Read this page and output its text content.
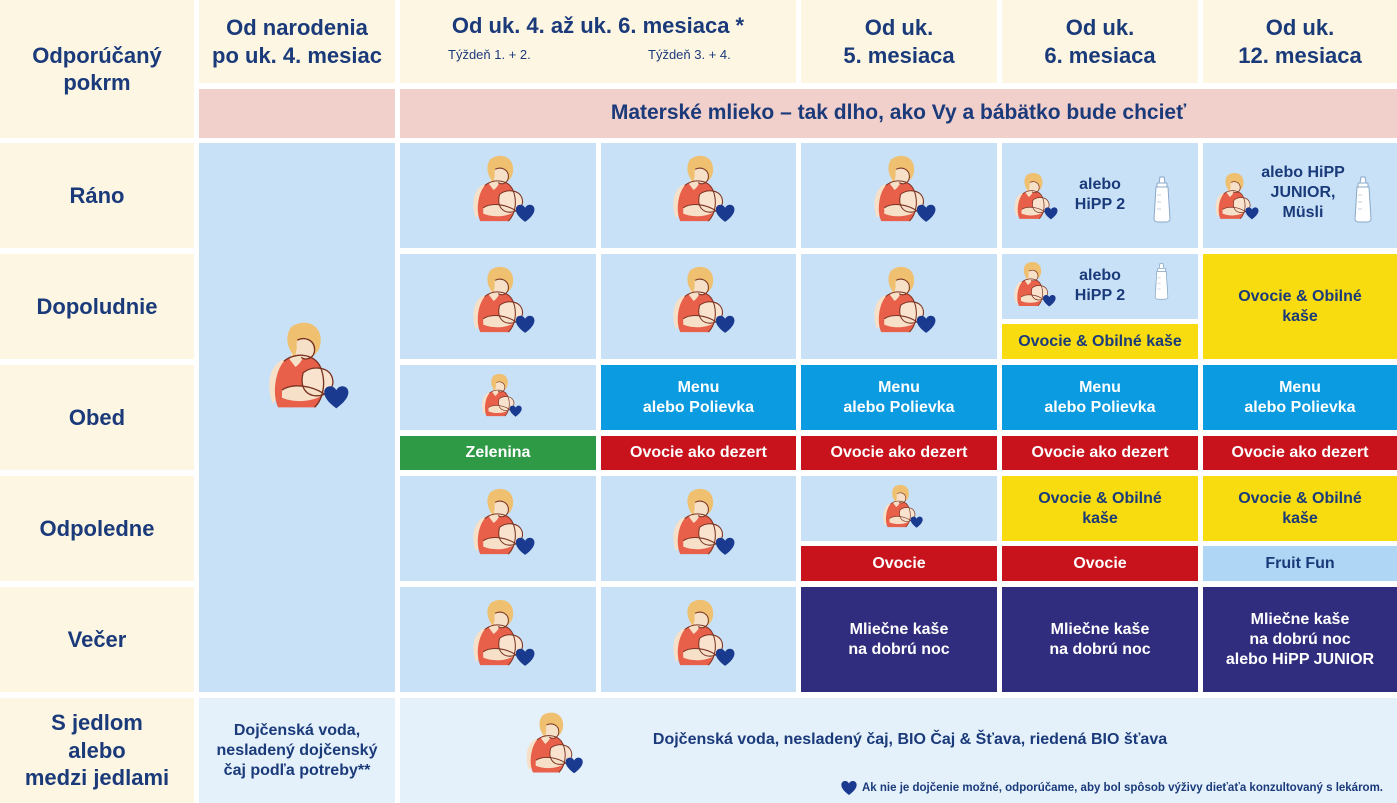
Odporúčaný
pokrm
Od narodenia
po uk. 4. mesiac
Od uk. 4. až uk. 6. mesiaca *
Týždeň 1. + 2.	Týždeň 3. + 4.
Od uk.
5. mesiaca
Od uk.
6. mesiaca
Od uk.
12. mesiaca
Materské mlieko – tak dlho, ako Vy a bábätko bude chcieť
Ráno
Dopoludnie
Obed
Odpoledne
Večer
S jedlom
alebo
medzi jedlami
Dojčenská voda,
nesladený dojčenský
čaj podľa potreby**
alebo
HiPP 2
alebo HiPP
JUNIOR,
Müsli
alebo
HiPP 2
Ovocie & Obilné kaše
Ovocie & Obilné
kaše
Zelenina
Menu
alebo Polievka
Ovocie ako dezert
Menu
alebo Polievka
Ovocie ako dezert
Menu
alebo Polievka
Ovocie ako dezert
Menu
alebo Polievka
Ovocie ako dezert
Ovocie
Ovocie & Obilné
kaše
Ovocie
Ovocie & Obilné
kaše
Fruit Fun
Mliečne kaše
na dobrú noc
Mliečne kaše
na dobrú noc
Mliečne kaše
na dobrú noc
alebo HiPP JUNIOR
Dojčenská voda, nesladený čaj, BIO Čaj & Šťava, riedená BIO šťava
Ak nie je dojčenie možné, odporúčame, aby bol spôsob výživy dieťaťa konzultovaný s lekárom.
